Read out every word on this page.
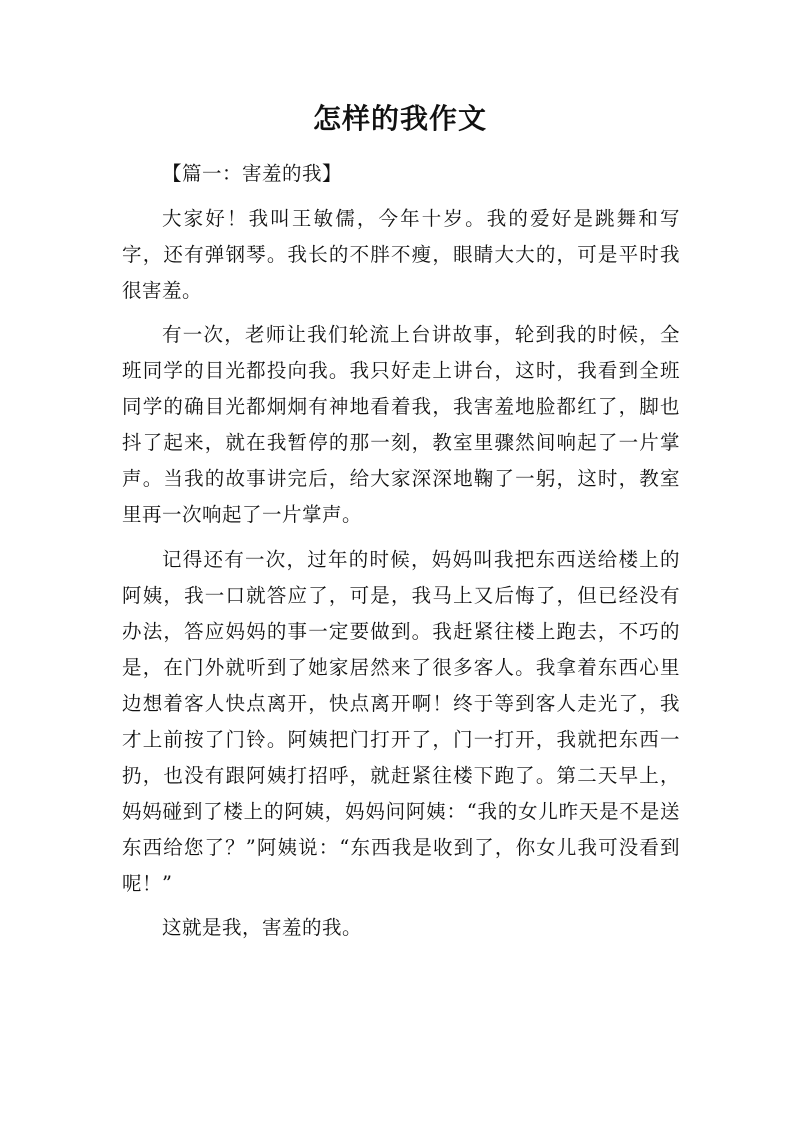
怎样的我作文

【篇一：害羞的我】

大家好！我叫王敏儒，今年十岁。我的爱好是跳舞和写字，还有弹钢琴。我长的不胖不瘦，眼睛大大的，可是平时我很害羞。

有一次，老师让我们轮流上台讲故事，轮到我的时候，全班同学的目光都投向我。我只好走上讲台，这时，我看到全班同学的确目光都炯炯有神地看着我，我害羞地脸都红了，脚也抖了起来，就在我暂停的那一刻，教室里骤然间响起了一片掌声。当我的故事讲完后，给大家深深地鞠了一躬，这时，教室里再一次响起了一片掌声。

记得还有一次，过年的时候，妈妈叫我把东西送给楼上的阿姨，我一口就答应了，可是，我马上又后悔了，但已经没有办法，答应妈妈的事一定要做到。我赶紧往楼上跑去，不巧的是，在门外就听到了她家居然来了很多客人。我拿着东西心里边想着客人快点离开，快点离开啊！终于等到客人走光了，我才上前按了门铃。阿姨把门打开了，门一打开，我就把东西一扔，也没有跟阿姨打招呼，就赶紧往楼下跑了。第二天早上，妈妈碰到了楼上的阿姨，妈妈问阿姨：“我的女儿昨天是不是送东西给您了？”阿姨说：“东西我是收到了，你女儿我可没看到呢！”

这就是我，害羞的我。
